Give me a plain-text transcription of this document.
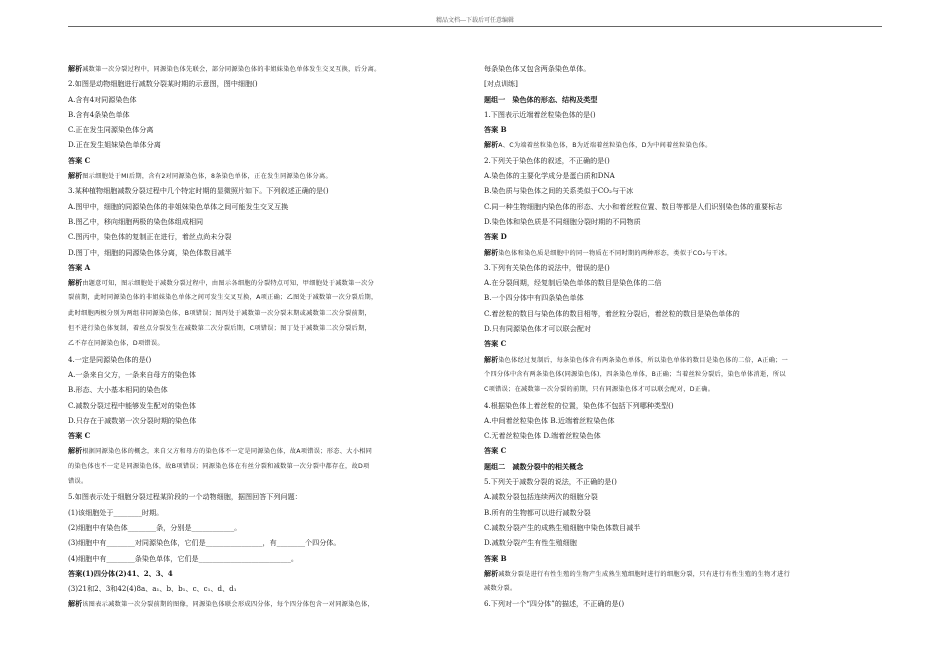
精品文档---下载后可任意编辑
解析减数第一次分裂过程中，同源染色体先联会，部分同源染色体的非姐妹染色单体发生交叉互换，后分离。
2.如图是动物细胞进行减数分裂某时期的示意图，图中细胞()
A.含有4对同源染色体
B.含有4条染色单体
C.正在发生同源染色体分离
D.正在发生姐妹染色单体分离
答案 C
解析图示细胞处于MⅠ后期，含有2对同源染色体，8条染色单体，正在发生同源染色体分离。
3.某种植物细胞减数分裂过程中几个特定时期的显微照片如下。下列叙述正确的是()
A.图甲中，细胞的同源染色体的非姐妹染色单体之间可能发生交叉互换
B.图乙中，移向细胞两极的染色体组成相同
C.图丙中，染色体的复制正在进行，着丝点尚未分裂
D.图丁中，细胞的同源染色体分离，染色体数目减半
答案 A
解析由题意可知，图示细胞处于减数分裂过程中，由图示各细胞的分裂特点可知，甲细胞处于减数第一次分
裂前期，此时同源染色体的非姐妹染色单体之间可发生交叉互换，A项正确；乙图处于减数第一次分裂后期，
此时细胞两极分别为两组非同源染色体，B项错误；图丙处于减数第一次分裂末期或减数第二次分裂前期，
但不进行染色体复制，着丝点分裂发生在减数第二次分裂后期，C项错误；图丁处于减数第二次分裂后期，
乙不存在同源染色体，D项错误。
4.一定是同源染色体的是()
A.一条来自父方，一条来自母方的染色体
B.形态、大小基本相同的染色体
C.减数分裂过程中能够发生配对的染色体
D.只存在于减数第一次分裂时期的染色体
答案 C
解析根据同源染色体的概念，来自父方和母方的染色体不一定是同源染色体，故A项错误；形态、大小相同
的染色体也不一定是同源染色体，故B项错误；同源染色体在有丝分裂和减数第一次分裂中都存在，故D项
错误。
5.如图表示处于细胞分裂过程某阶段的一个动物细胞，据图回答下列问题：
(1)该细胞处于________时期。
(2)细胞中有染色体________条，分别是____________。
(3)细胞中有________对同源染色体，它们是________________，有________个四分体。
(4)细胞中有________条染色单体，它们是__________________________。
答案(1)四分体(2)41、2、3、4
(3)21和2、3和42(4)8a、a₁、b、b₁、c、c₁、d、d₁
解析该图表示减数第一次分裂前期的图像，同源染色体联会形成四分体，每个四分体包含一对同源染色体，
每条染色体又包含两条染色单体。
[对点训练]
题组一　染色体的形态、结构及类型
1.下图表示近端着丝粒染色体的是()
答案 B
解析A、C为端着丝粒染色体，B为近端着丝粒染色体，D为中间着丝粒染色体。
2.下列关于染色体的叙述，不正确的是()
A.染色体的主要化学成分是蛋白质和DNA
B.染色质与染色体之间的关系类似于CO₂与干冰
C.同一种生物细胞内染色体的形态、大小和着丝粒位置、数目等都是人们识别染色体的重要标志
D.染色体和染色质是不同细胞分裂时期的不同物质
答案 D
解析染色体和染色质是细胞中的同一物质在不同时期的两种形态，类似于CO₂与干冰。
3.下列有关染色体的说法中，错误的是()
A.在分裂间期，经复制后染色单体的数目是染色体的二倍
B.一个四分体中有四条染色单体
C.着丝粒的数目与染色体的数目相等，着丝粒分裂后，着丝粒的数目是染色单体的
D.只有同源染色体才可以联会配对
答案 C
解析染色体经过复制后，每条染色体含有两条染色单体，所以染色单体的数目是染色体的二倍，A正确；一
个四分体中含有两条染色体(同源染色体)，四条染色单体，B正确；当着丝粒分裂后，染色单体消逝，所以
C项错误；在减数第一次分裂的前期，只有同源染色体才可以联会配对，D正确。
4.根据染色体上着丝粒的位置，染色体不包括下列哪种类型()
A.中间着丝粒染色体 B.近端着丝粒染色体
C.无着丝粒染色体 D.端着丝粒染色体
答案 C
题组二　减数分裂中的相关概念
5.下列关于减数分裂的说法，不正确的是()
A.减数分裂包括连续两次的细胞分裂
B.所有的生物都可以进行减数分裂
C.减数分裂产生的成熟生殖细胞中染色体数目减半
D.减数分裂产生有性生殖细胞
答案 B
解析减数分裂是进行有性生殖的生物产生成熟生殖细胞时进行的细胞分裂，只有进行有性生殖的生物才进行
减数分裂。
6.下列对一个“四分体”的描述，不正确的是()
